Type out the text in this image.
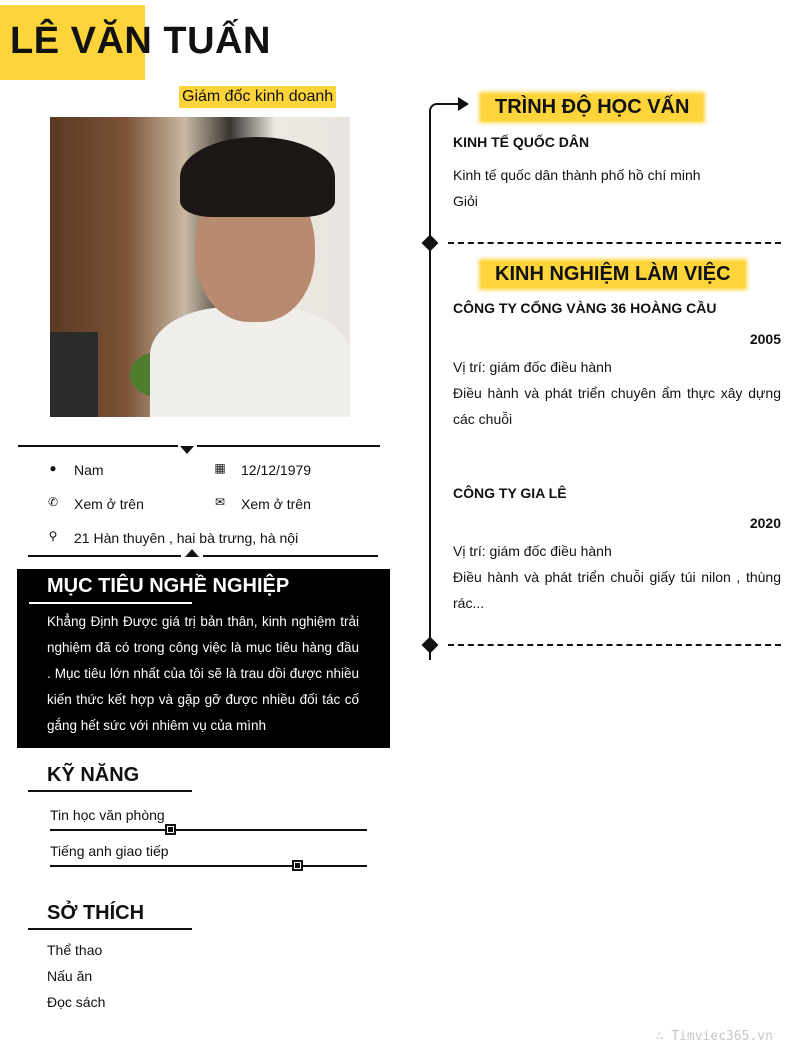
LÊ VĂN TUẤN
Giám đốc kinh doanh
● Nam	▦ 12/12/1979
✆ Xem ở trên	✉ Xem ở trên
⚲ 21 Hàn thuyên , hai bà trưng, hà nội
MỤC TIÊU NGHỀ NGHIỆP
Khẳng Định Được giá trị bản thân, kinh nghiệm trải nghiệm đã có trong công việc là mục tiêu hàng đầu . Mục tiêu lớn nhất của tôi sẽ là trau dồi được nhiều kiến thức kết hợp và gặp gỡ được nhiều đối tác cố gắng hết sức với nhiêm vụ của mình
KỸ NĂNG
Tin học văn phòng
Tiếng anh giao tiếp
SỞ THÍCH
Thể thao
Nấu ăn
Đọc sách
TRÌNH ĐỘ HỌC VẤN
KINH TẾ QUỐC DÂN
Kinh tế quốc dân thành phố hồ chí minh
Giỏi
KINH NGHIỆM LÀM VIỆC
CÔNG TY CỔNG VÀNG 36 HOÀNG CẦU
2005
Vị trí: giám đốc điều hành
Điều hành và phát triển chuyên ẩm thực xây dựng các chuỗi
CÔNG TY GIA LÊ
2020
Vị trí: giám đốc điều hành
Điều hành và phát triển chuỗi giấy túi nilon , thùng rác...
∴ Timviec365.vn
